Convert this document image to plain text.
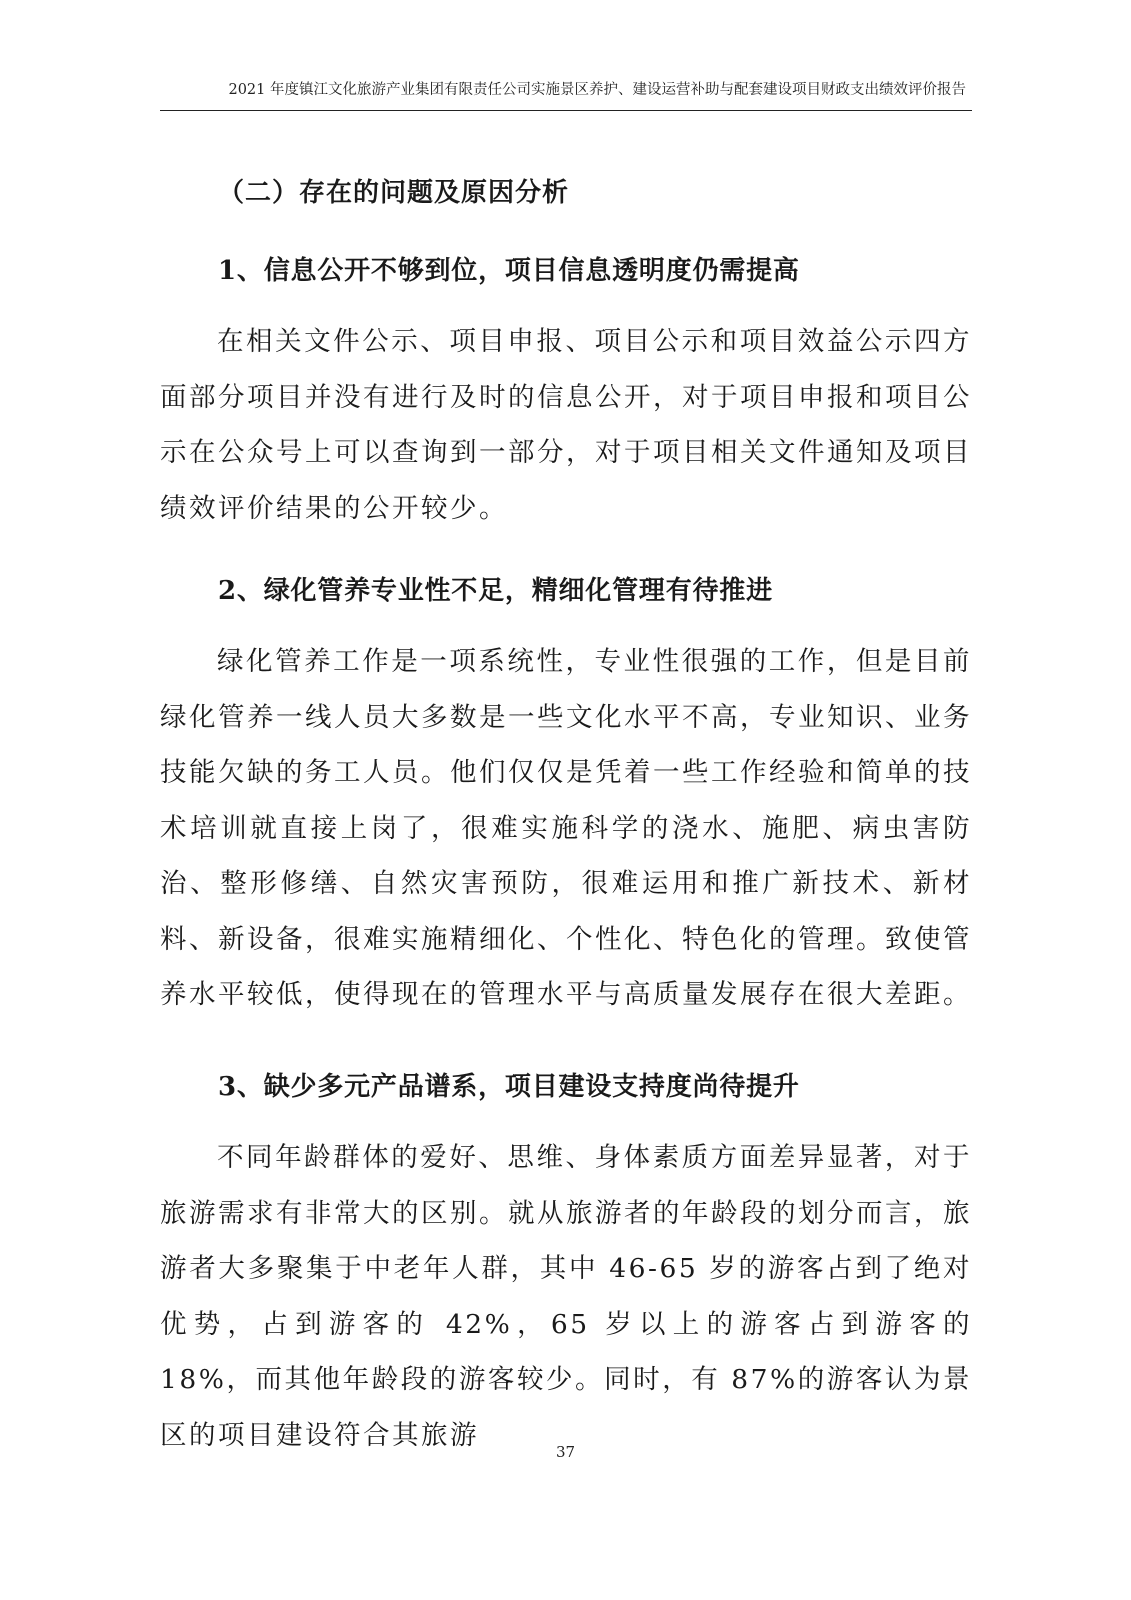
2021 年度镇江文化旅游产业集团有限责任公司实施景区养护、建设运营补助与配套建设项目财政支出绩效评价报告
（二）存在的问题及原因分析
1、信息公开不够到位，项目信息透明度仍需提高

在相关文件公示、项目申报、项目公示和项目效益公示四方面部分项目并没有进行及时的信息公开，对于项目申报和项目公示在公众号上可以查询到一部分，对于项目相关文件通知及项目绩效评价结果的公开较少。

2、绿化管养专业性不足，精细化管理有待推进

绿化管养工作是一项系统性，专业性很强的工作，但是目前绿化管养一线人员大多数是一些文化水平不高，专业知识、业务技能欠缺的务工人员。他们仅仅是凭着一些工作经验和简单的技术培训就直接上岗了，很难实施科学的浇水、施肥、病虫害防治、整形修缮、自然灾害预防，很难运用和推广新技术、新材料、新设备，很难实施精细化、个性化、特色化的管理。致使管养水平较低，使得现在的管理水平与高质量发展存在很大差距。

3、缺少多元产品谱系，项目建设支持度尚待提升

不同年龄群体的爱好、思维、身体素质方面差异显著，对于旅游需求有非常大的区别。就从旅游者的年龄段的划分而言，旅游者大多聚集于中老年人群，其中 46-65 岁的游客占到了绝对优势，占到游客的 42%，65 岁以上的游客占到游客的 18%，而其他年龄段的游客较少。同时，有 87%的游客认为景区的项目建设符合其旅游

37
